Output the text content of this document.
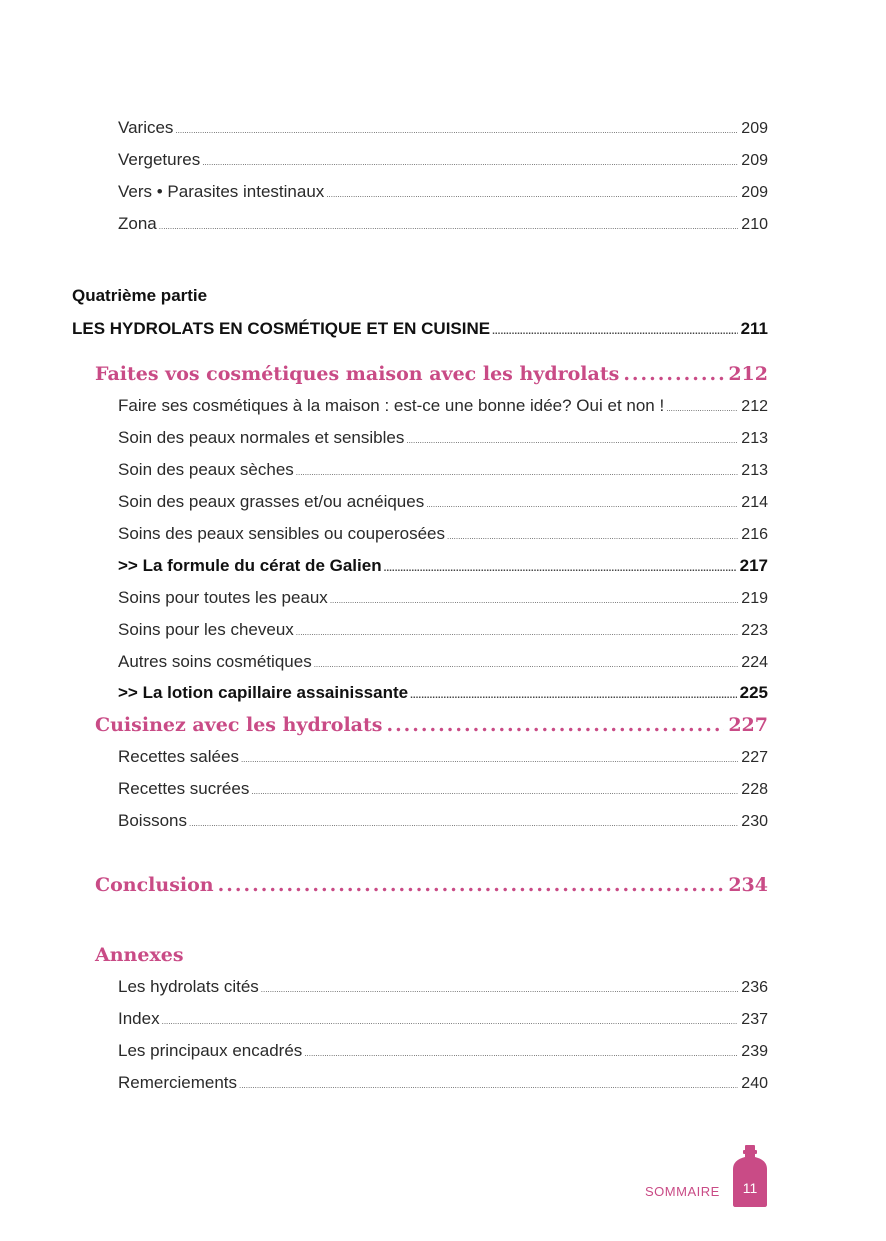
Varices .....	209
Vergetures .....	209
Vers • Parasites intestinaux .....	209
Zona .....	210
Quatrième partie
LES HYDROLATS EN COSMÉTIQUE ET EN CUISINE .....	211
Faites vos cosmétiques maison avec les hydrolats .....	212
Faire ses cosmétiques à la maison : est-ce une bonne idée? Oui et non ! .....	212
Soin des peaux normales et sensibles .....	213
Soin des peaux sèches .....	213
Soin des peaux grasses et/ou acnéiques .....	214
Soins des peaux sensibles ou couperosées .....	216
>> La formule du cérat de Galien .....	217
Soins pour toutes les peaux .....	219
Soins pour les cheveux .....	223
Autres soins cosmétiques .....	224
>> La lotion capillaire assainissante .....	225
Cuisinez avec les hydrolats .....	227
Recettes salées .....	227
Recettes sucrées .....	228
Boissons .....	230
Conclusion .....	234
Annexes
Les hydrolats cités .....	236
Index .....	237
Les principaux encadrés .....	239
Remerciements .....	240
SOMMAIRE	11
